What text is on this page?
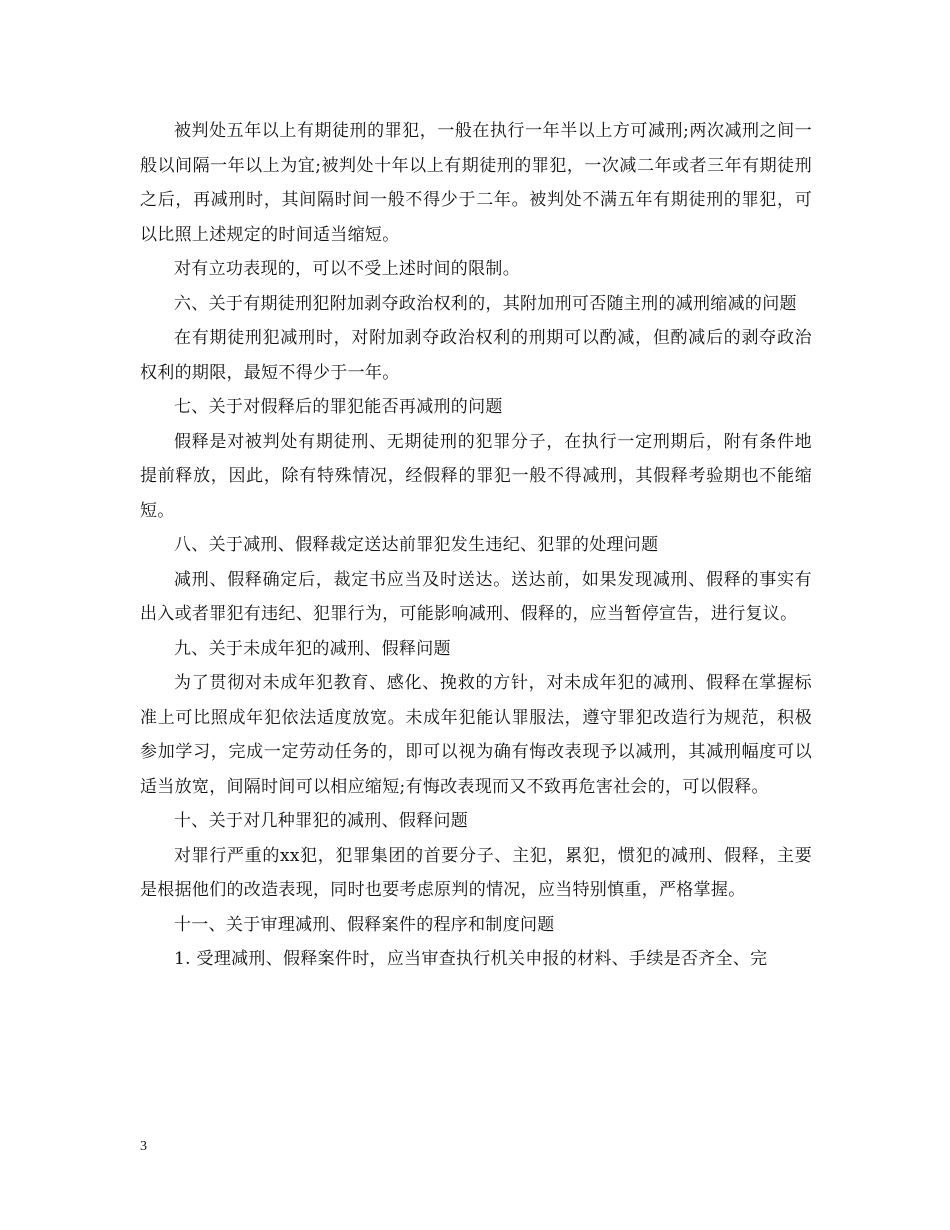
被判处五年以上有期徒刑的罪犯，一般在执行一年半以上方可减刑;两次减刑之间一般以间隔一年以上为宜;被判处十年以上有期徒刑的罪犯，一次减二年或者三年有期徒刑之后，再减刑时，其间隔时间一般不得少于二年。被判处不满五年有期徒刑的罪犯，可以比照上述规定的时间适当缩短。

对有立功表现的，可以不受上述时间的限制。

六、关于有期徒刑犯附加剥夺政治权利的，其附加刑可否随主刑的减刑缩减的问题

在有期徒刑犯减刑时，对附加剥夺政治权利的刑期可以酌减，但酌减后的剥夺政治权利的期限，最短不得少于一年。

七、关于对假释后的罪犯能否再减刑的问题

假释是对被判处有期徒刑、无期徒刑的犯罪分子，在执行一定刑期后，附有条件地提前释放，因此，除有特殊情况，经假释的罪犯一般不得减刑，其假释考验期也不能缩短。

八、关于减刑、假释裁定送达前罪犯发生违纪、犯罪的处理问题

减刑、假释确定后，裁定书应当及时送达。送达前，如果发现减刑、假释的事实有出入或者罪犯有违纪、犯罪行为，可能影响减刑、假释的，应当暂停宣告，进行复议。

九、关于未成年犯的减刑、假释问题

为了贯彻对未成年犯教育、感化、挽救的方针，对未成年犯的减刑、假释在掌握标准上可比照成年犯依法适度放宽。未成年犯能认罪服法，遵守罪犯改造行为规范，积极参加学习，完成一定劳动任务的，即可以视为确有悔改表现予以减刑，其减刑幅度可以适当放宽，间隔时间可以相应缩短;有悔改表现而又不致再危害社会的，可以假释。

十、关于对几种罪犯的减刑、假释问题

对罪行严重的xx犯，犯罪集团的首要分子、主犯，累犯，惯犯的减刑、假释，主要是根据他们的改造表现，同时也要考虑原判的情况，应当特别慎重，严格掌握。

十一、关于审理减刑、假释案件的程序和制度问题

1. 受理减刑、假释案件时，应当审查执行机关申报的材料、手续是否齐全、完

3
